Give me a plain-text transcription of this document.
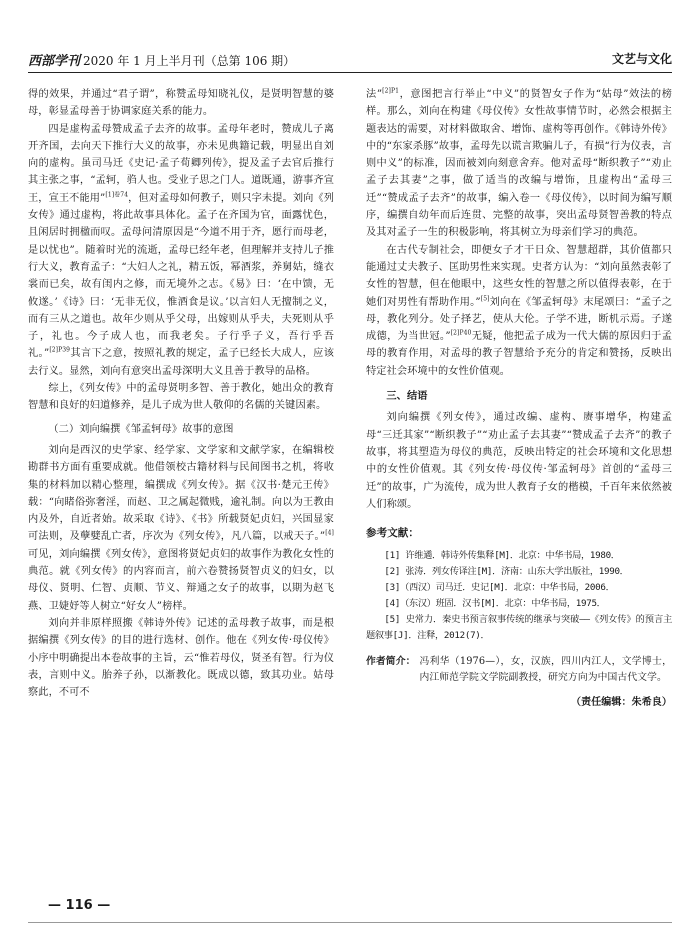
西部学刊 2020 年 1 月上半月刊（总第 106 期）	文艺与文化

得的效果，并通过“君子谓”，称赞孟母知晓礼仪，是贤明智慧的婆母，彰显孟母善于协调家庭关系的能力。

四是虚构孟母赞成孟子去齐的故事。孟母年老时，赞成儿子离开齐国，去向天下推行大义的故事，亦未见典籍记载，明显出自刘向的虚构。虽司马迁《史记·孟子荀卿列传》，提及孟子去官后推行其主张之事，“孟轲，驺人也。受业子思之门人。道既通，游事齐宣王，宣王不能用”$^{[1]卷74}$，但对孟母如何教子，则只字未提。刘向《列女传》通过虚构，将此故事具体化。孟子在齐国为官，面露忧色，且闲居时拥楹而叹。孟母问清原因是“今道不用于齐，愿行而母老，是以忧也”。随着时光的流逝，孟母已经年老，但理解并支持儿子推行大义，教育孟子：“大妇人之礼，精五饭，幂酒浆，养舅姑，缝衣裳而已矣，故有闺内之修，而无境外之志。《易》曰：‘在中馈，无攸遂。’《诗》曰：‘无非无仪，惟酒食是议。’以言妇人无擅制之义，而有三从之道也。故年少则从乎父母，出嫁则从乎夫，夫死则从乎子，礼也。今子成人也，而我老矣。子行乎子义，吾行乎吾礼。”$^{[2]P39}$其言下之意，按照礼教的规定，孟子已经长大成人，应该去行义。显然，刘向有意突出孟母深明大义且善于教导的品格。

综上，《列女传》中的孟母贤明多智、善于教化，她出众的教育智慧和良好的妇道修养，是儿子成为世人敬仰的名儒的关键因素。

（二）刘向编撰《邹孟轲母》故事的意图

刘向是西汉的史学家、经学家、文学家和文献学家，在编辑校勘群书方面有重要成就。他借领校古籍材料与民间图书之机，将收集的材料加以精心整理，编撰成《列女传》。据《汉书·楚元王传》载：“向睹俗弥奢淫，而赵、卫之属起微贱，逾礼制。向以为王教由内及外，自近者始。故采取《诗》、《书》所载贤妃贞妇，兴国显家可法则，及孽嬖乱亡者，序次为《列女传》，凡八篇，以戒天子。”[4]可见，刘向编撰《列女传》，意图将贤妃贞妇的故事作为教化女性的典范。就《列女传》的内容而言，前六卷赞扬贤智贞义的妇女，以母仪、贤明、仁智、贞顺、节义、辩通之女子的故事，以期为赵飞燕、卫婕妤等人树立“好女人”榜样。

刘向并非原样照搬《韩诗外传》记述的孟母教子故事，而是根据编撰《列女传》的目的进行选材、创作。他在《列女传·母仪传》小序中明确提出本卷故事的主旨，云“惟若母仪，贤圣有智。行为仪表，言则中义。胎养子孙，以渐教化。既成以德，致其功业。姑母察此，不可不

法”$^{[2]P1}$，意图把言行举止“中义”的贤智女子作为“姑母”效法的榜样。那么，刘向在构建《母仪传》女性故事情节时，必然会根据主题表达的需要，对材料做取舍、增饰、虚构等再创作。《韩诗外传》中的“东家杀豚”故事，孟母先以谎言欺骗儿子，有损“行为仪表，言则中义”的标准，因而被刘向刻意舍弃。他对孟母“断织教子”“劝止孟子去其妻”之事，做了适当的改编与增饰，且虚构出“孟母三迁”“赞成孟子去齐”的故事，编入卷一《母仪传》，以时间为编写顺序，编撰自幼年而后连贯、完整的故事，突出孟母贤智善教的特点及其对孟子一生的积极影响，将其树立为母亲们学习的典范。

在古代专制社会，即便女子才干日众、智慧超群，其价值都只能通过丈夫教子、匡助男性来实现。史者方认为：“刘向虽然表彰了女性的智慧，但在他眼中，这些女性的智慧之所以值得表彰，在于她们对男性有帮助作用。”[5]刘向在《邹孟轲母》末尾颂曰：“孟子之母，教化列分。处子择艺，使从大伦。子学不进，断机示焉。子遂成德，为当世冠。”$^{[2]P40}$无疑，他把孟子成为一代大儒的原因归于孟母的教育作用，对孟母的教子智慧给予充分的肯定和赞扬，反映出特定社会环境中的女性价值观。

三、结语

刘向编撰《列女传》，通过改编、虚构、赓事增华，构建孟母“三迁其家”“断织教子”“劝止孟子去其妻”“赞成孟子去齐”的教子故事，将其塑造为母仪的典范，反映出特定的社会环境和文化思想中的女性价值观。其《列女传·母仪传·邹孟轲母》首创的“孟母三迁”的故事，广为流传，成为世人教育子女的楷模，千百年来依然被人们称颂。

参考文献：

[1] 许维遹．韩诗外传集释[M]．北京：中华书局，1980．

[2] 张涛．列女传译注[M]．济南：山东大学出版社，1990．

[3]（西汉）司马迁．史记[M]．北京：中华书局，2006．

[4]（东汉）班固．汉书[M]．北京：中华书局，1975．

[5] 史常力．秦史书预言叙事传统的继承与突破——《列女传》的预言主题叙事[J]．注释，2012(7)．

作者简介： 冯利华（1976—），女，汉族，四川内江人，文学博士，内江师范学院文学院副教授，研究方向为中国古代文学。
（责任编辑：朱希良）
— 116 —
